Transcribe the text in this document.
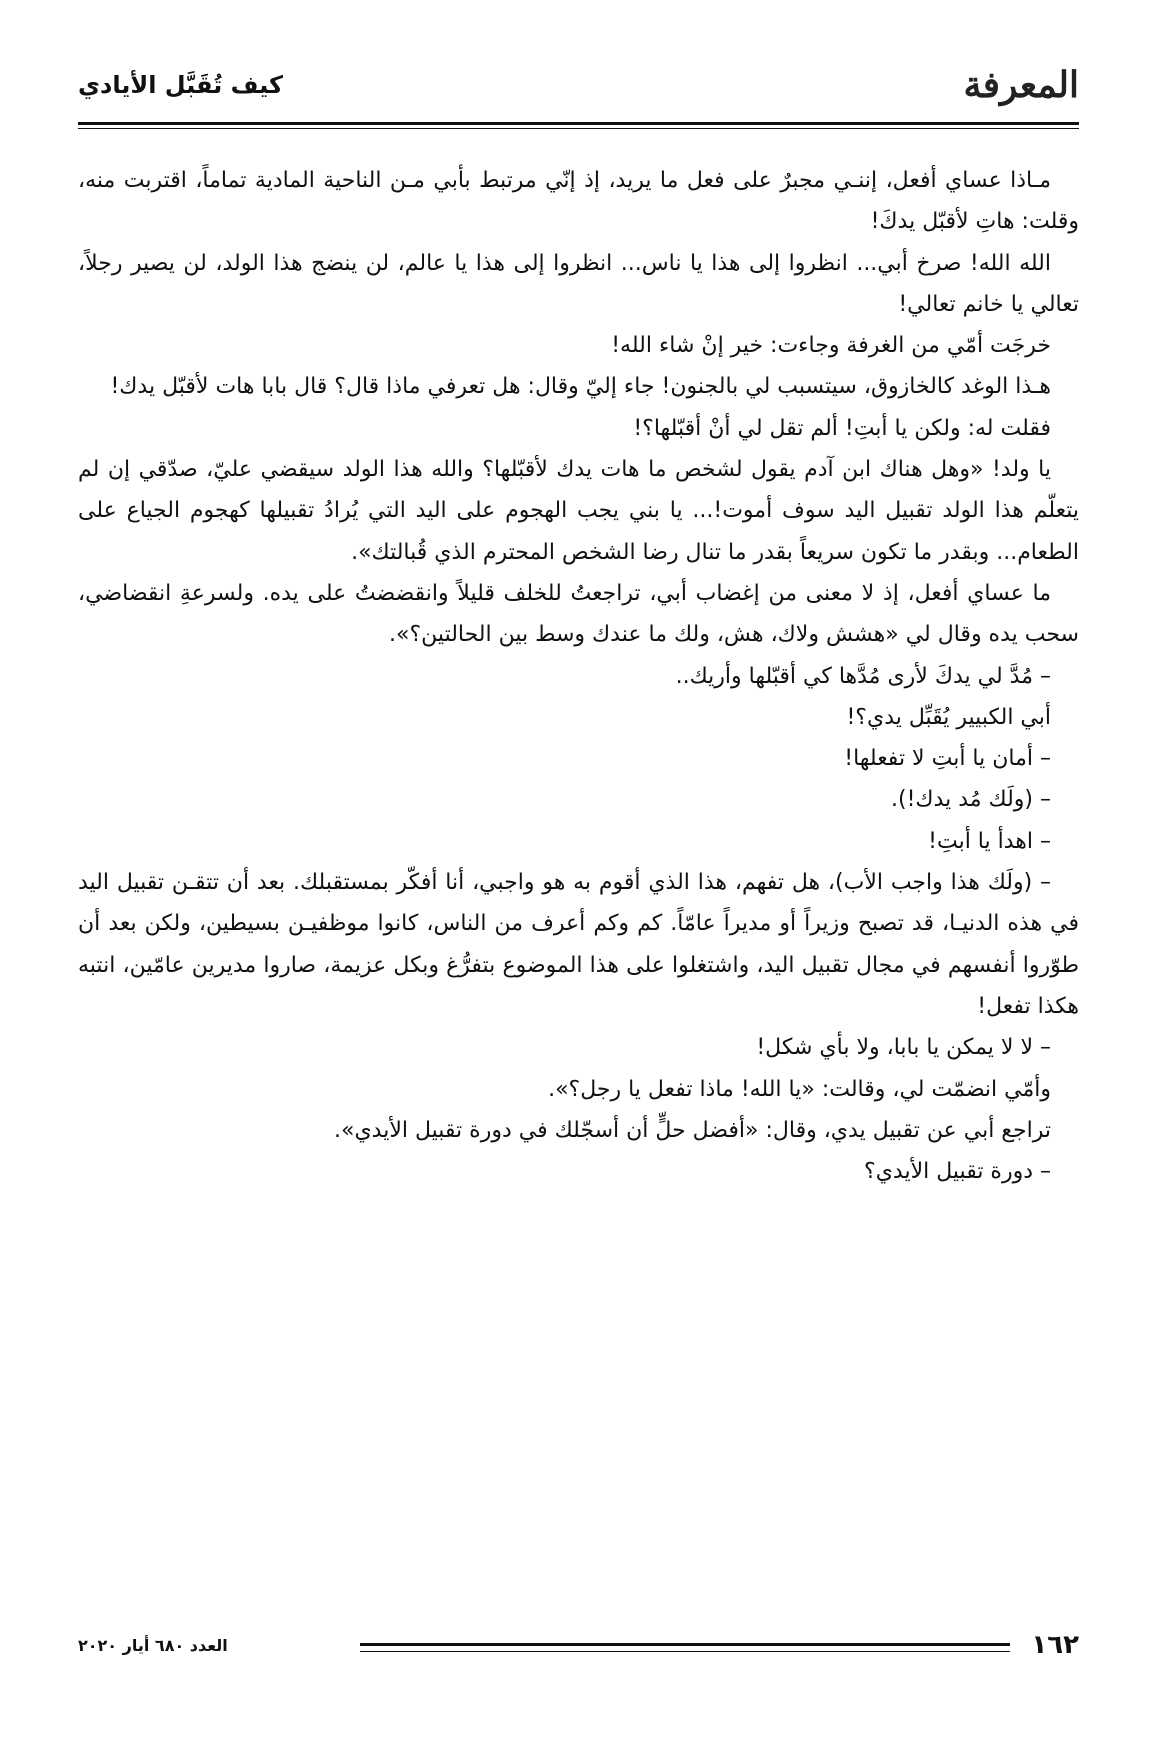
المعرفة
كيف تُقَبَّل الأيادي

مـاذا عساي أفعل، إننـي مجبرٌ على فعل ما يريد، إذ إنّي مرتبط بأبي مـن الناحية المادية تماماً، اقتربت منه، وقلت: هاتِ لأقبّل يدكَ!

الله الله! صرخ أبي... انظروا إلى هذا يا ناس... انظروا إلى هذا يا عالم، لن ينضج هذا الولد، لن يصير رجلاً، تعالي يا خانم تعالي!

خرجَت أمّي من الغرفة وجاءت: خير إنْ شاء الله!

هـذا الوغد كالخازوق، سيتسبب لي بالجنون! جاء إليّ وقال: هل تعرفي ماذا قال؟ قال بابا هات لأقبّل يدك!

فقلت له: ولكن يا أبتِ! ألم تقل لي أنْ أقبّلها؟!

يا ولد! «وهل هناك ابن آدم يقول لشخص ما هات يدك لأقبّلها؟ والله هذا الولد سيقضي عليّ، صدّقي إن لم يتعلّم هذا الولد تقبيل اليد سوف أموت!... يا بني يجب الهجوم على اليد التي يُرادُ تقبيلها كهجوم الجياع على الطعام... وبقدر ما تكون سريعاً بقدر ما تنال رضا الشخص المحترم الذي قُبالتك».

ما عساي أفعل، إذ لا معنى من إغضاب أبي، تراجعتُ للخلف قليلاً وانقضضتُ على يده. ولسرعةِ انقضاضي، سحب يده وقال لي «هشش ولاك، هش، ولك ما عندك وسط بين الحالتين؟».

– مُدَّ لي يدكَ لأرى مُدَّها كي أقبّلها وأريك..

أبي الكبيير يُقَبِّل يدي؟!

– أمان يا أبتِ لا تفعلها!

– (ولَك مُد يدك!).

– اهدأ يا أبتِ!

– (ولَك هذا واجب الأب)، هل تفهم، هذا الذي أقوم به هو واجبي، أنا أفكّر بمستقبلك. بعد أن تتقـن تقبيل اليد في هذه الدنيـا، قد تصبح وزيراً أو مديراً عامّاً. كم وكم أعرف من الناس، كانوا موظفيـن بسيطين، ولكن بعد أن طوّروا أنفسهم في مجال تقبيل اليد، واشتغلوا على هذا الموضوع بتفرُّغ وبكل عزيمة، صاروا مديرين عامّين، انتبه هكذا تفعل!

– لا لا يمكن يا بابا، ولا بأي شكل!

وأمّي انضمّت لي، وقالت: «يا الله! ماذا تفعل يا رجل؟».

تراجع أبي عن تقبيل يدي، وقال: «أفضل حلٍّ أن أسجّلك في دورة تقبيل الأيدي».

– دورة تقبيل الأيدي؟

١٦٢
العدد ٦٨٠ أيار ٢٠٢٠
